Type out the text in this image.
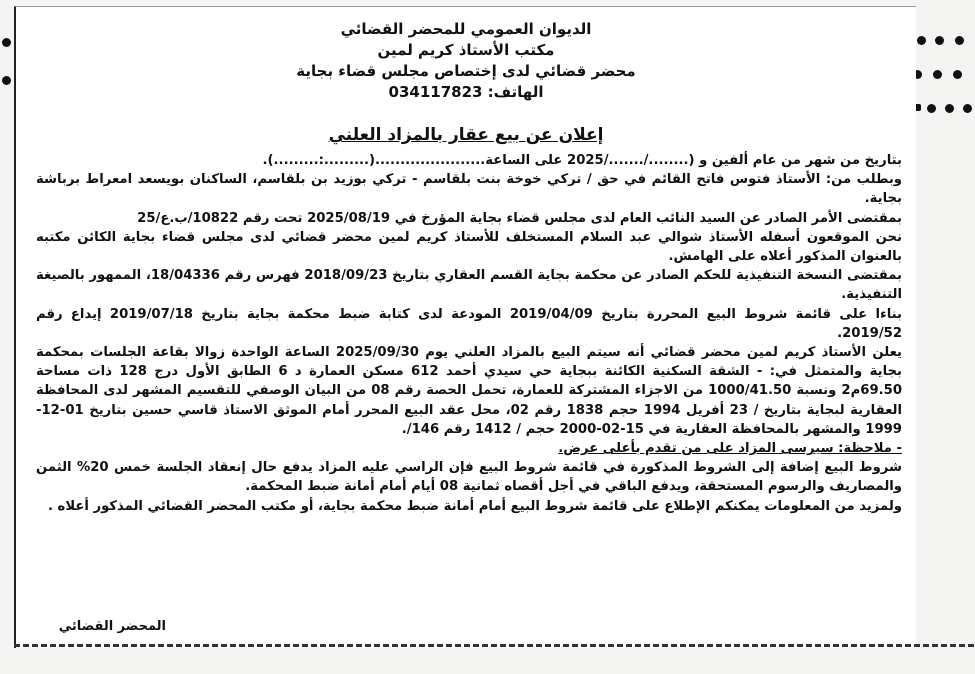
الديوان العمومي للمحضر القضائي
مكتب الأستاذ كريم لمين
محضر قضائي لدى إختصاص مجلس قضاء بجاية
الهاتف: 034117823
إعلان عن بيع عقار بالمزاد العلني

بتاريخ من شهر من عام ألفين و (......../......./2025 على الساعة......................(.........:.........).

وبطلب من: الأستاذ فتوس فاتح القائم في حق / تركي خوخة بنت بلقاسم - تركي بوزيد بن بلقاسم، الساكنان بويسعد امعراط برباشة بجاية.

بمقتضى الأمر الصادر عن السيد النائب العام لدى مجلس قضاء بجاية المؤرخ في 2025/08/19 تحت رقم 10822/ب.ع/25

نحن الموقعون أسفله الأستاذ شوالي عبد السلام المستخلف للأستاذ كريم لمين محضر قضائي لدى مجلس قضاء بجاية الكائن مكتبه بالعنوان المذكور أعلاه على الهامش.

بمقتضى النسخة التنفيذية للحكم الصادر عن محكمة بجاية القسم العقاري بتاريخ 2018/09/23 فهرس رقم 18/04336، الممهور بالصيغة التنفيذية.

بناءا على قائمة شروط البيع المحررة بتاريخ 2019/04/09 المودعة لدى كتابة ضبط محكمة بجاية بتاريخ 2019/07/18 إيداع رقم 2019/52.

يعلن الأستاذ كريم لمين محضر قضائي أنه سيتم البيع بالمزاد العلني يوم 2025/09/30 الساعة الواحدة زوالا بقاعة الجلسات بمحكمة بجاية والمتمثل في: - الشقة السكنية الكائنة ببجاية حي سيدي أحمد 612 مسكن العمارة د 6 الطابق الأول درج 128 ذات مساحة 69.50م2 ونسبة 1000/41.50 من الاجزاء المشتركة للعمارة، تحمل الحصة رقم 08 من البيان الوصفي للتقسيم المشهر لدى المحافظة العقارية لبجاية بتاريخ / 23 أفريل 1994 حجم 1838 رقم 02، محل عقد البيع المحرر أمام الموثق الاستاذ قاسي حسين بتاريخ 01-12-1999 والمشهر بالمحافظة العقارية في 15-02-2000 حجم / 1412 رقم 146/.

- ملاحظة: سيرسى المزاد على من تقدم بأعلى عرض.

شروط البيع إضافة إلى الشروط المذكورة في قائمة شروط البيع فإن الراسي عليه المزاد يدفع حال إنعقاد الجلسة خمس 20% الثمن والمصاريف والرسوم المستحقة، ويدفع الباقي في أجل أقصاه ثمانية 08 أيام أمام أمانة ضبط المحكمة.

ولمزيد من المعلومات يمكنكم الإطلاع على قائمة شروط البيع أمام أمانة ضبط محكمة بجاية، أو مكتب المحضر القضائي المذكور أعلاه .

المحضر القضائي
